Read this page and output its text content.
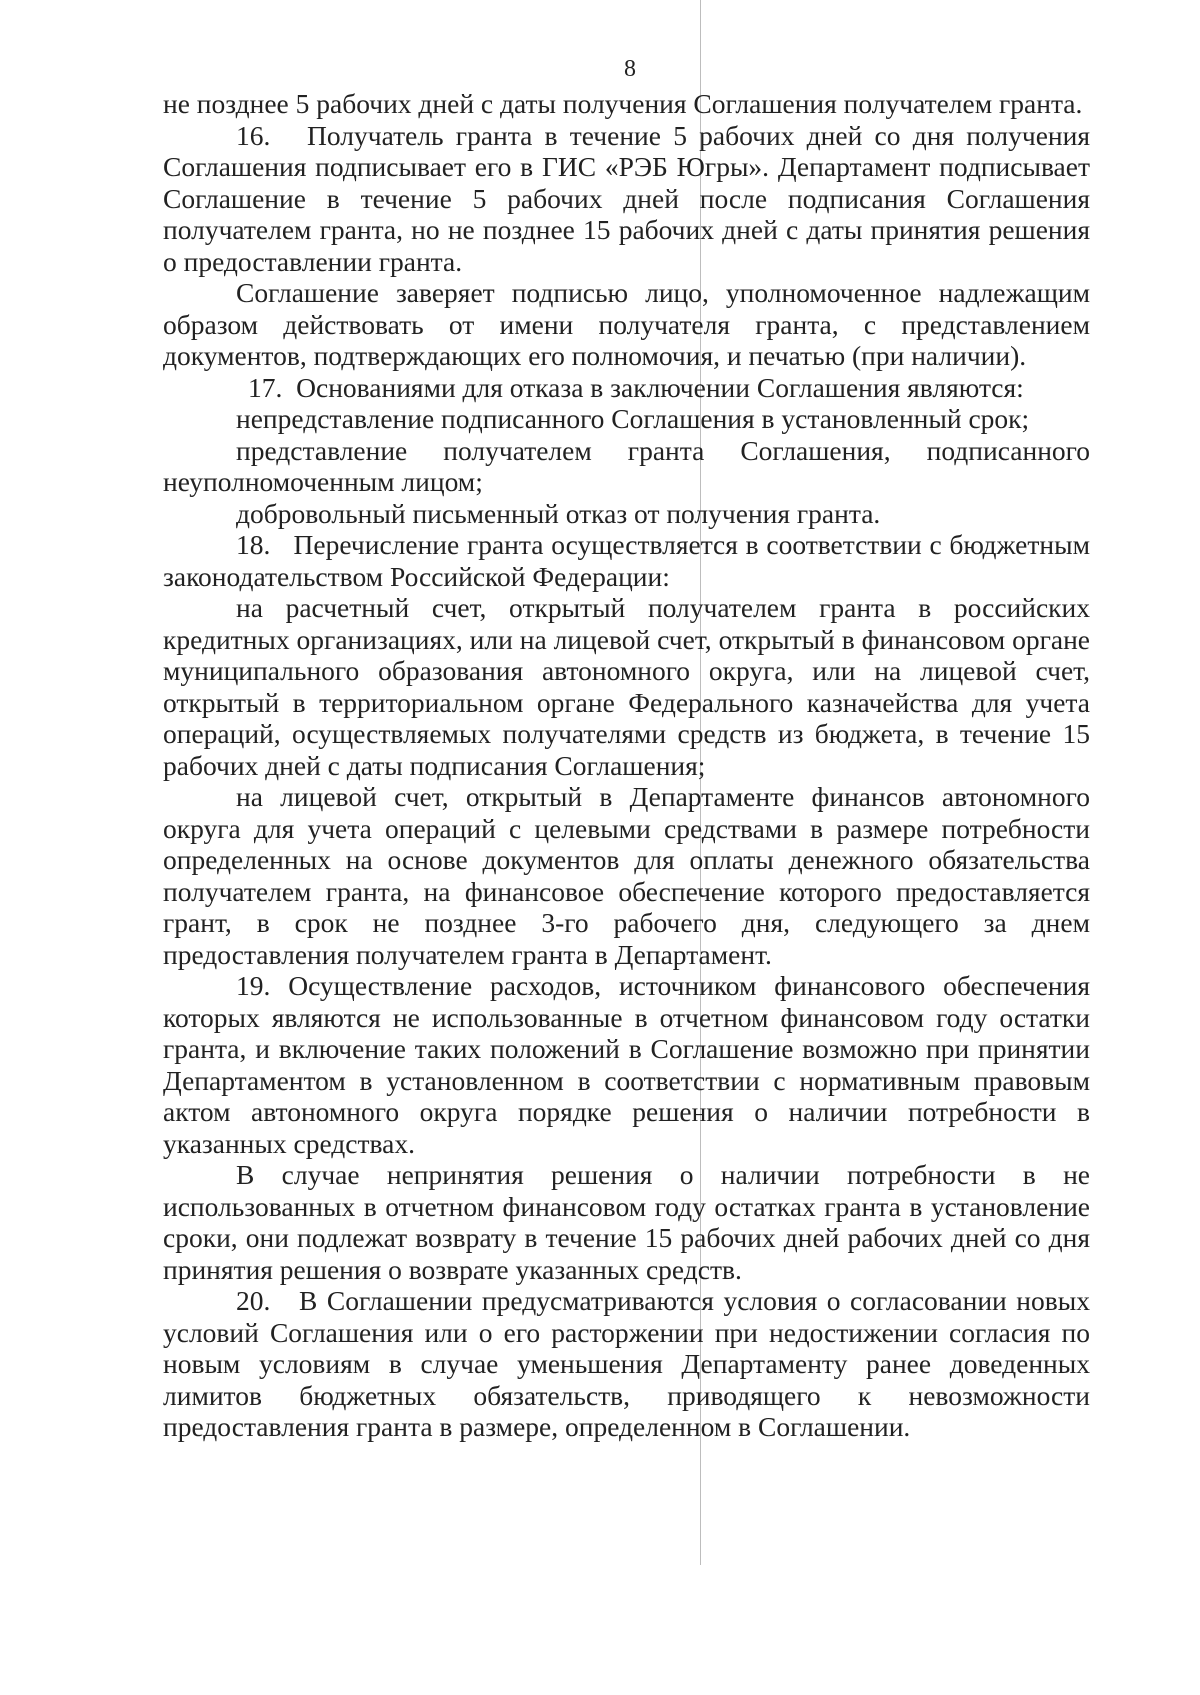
8

не позднее 5 рабочих дней с даты получения Соглашения получателем гранта.

16.   Получатель гранта в течение 5 рабочих дней со дня получения Соглашения подписывает его в ГИС «РЭБ Югры». Департамент подписывает Соглашение в течение 5 рабочих дней после подписания Соглашения получателем гранта, но не позднее 15 рабочих дней с даты принятия решения о предоставлении гранта.

Соглашение заверяет подписью лицо, уполномоченное надлежащим образом действовать от имени получателя гранта, с представлением документов, подтверждающих его полномочия, и печатью (при наличии).

17.  Основаниями для отказа в заключении Соглашения являются:

непредставление подписанного Соглашения в установленный срок;

представление получателем гранта Соглашения, подписанного неуполномоченным лицом;

добровольный письменный отказ от получения гранта.

18.   Перечисление гранта осуществляется в соответствии с бюджетным законодательством Российской Федерации:

на расчетный счет, открытый получателем гранта в российских кредитных организациях, или на лицевой счет, открытый в финансовом органе муниципального образования автономного округа, или на лицевой счет, открытый в территориальном органе Федерального казначейства для учета операций, осуществляемых получателями средств из бюджета, в течение 15 рабочих дней с даты подписания Соглашения;

на лицевой счет, открытый в Департаменте финансов автономного округа для учета операций с целевыми средствами в размере потребности определенных на основе документов для оплаты денежного обязательства получателем гранта, на финансовое обеспечение которого предоставляется грант, в срок не позднее 3-го рабочего дня, следующего за днем предоставления получателем гранта в Департамент.

19. Осуществление расходов, источником финансового обеспечения которых являются не использованные в отчетном финансовом году остатки гранта, и включение таких положений в Соглашение возможно при принятии Департаментом в установленном в соответствии с нормативным правовым актом автономного округа порядке решения о наличии потребности в указанных средствах.

В случае непринятия решения о наличии потребности в не использованных в отчетном финансовом году остатках гранта в установление сроки, они подлежат возврату в течение 15 рабочих дней рабочих дней со дня принятия решения о возврате указанных средств.

20.   В Соглашении предусматриваются условия о согласовании новых условий Соглашения или о его расторжении при недостижении согласия по новым условиям в случае уменьшения Департаменту ранее доведенных лимитов бюджетных обязательств, приводящего к невозможности предоставления гранта в размере, определенном в Соглашении.
